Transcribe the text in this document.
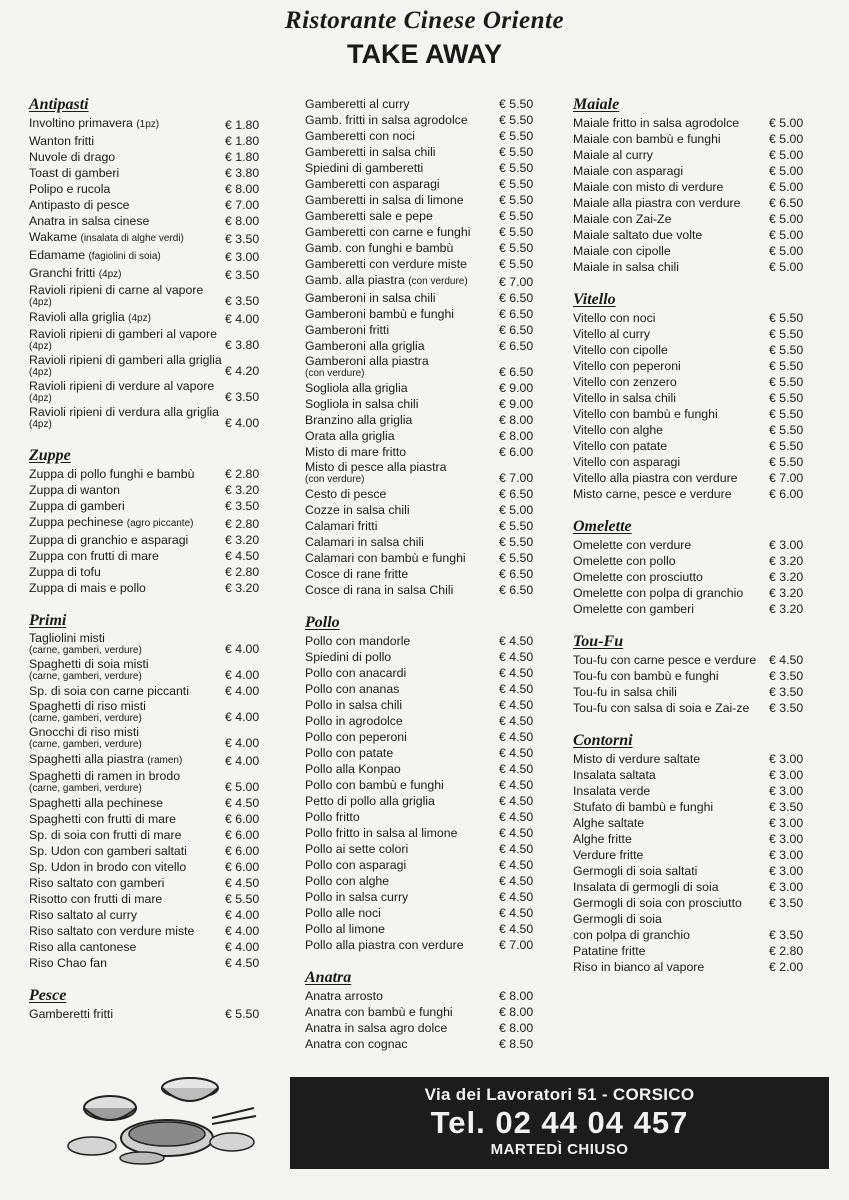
Ristorante Cinese Oriente
TAKE AWAY
Antipasti
Involtino primavera (1pz)	€ 1.80
Wanton fritti	€ 1.80
Nuvole di drago	€ 1.80
Toast di gamberi	€ 3.80
Polipo e rucola	€ 8.00
Antipasto di pesce	€ 7.00
Anatra in salsa cinese	€ 8.00
Wakame (insalata di alghe verdi)	€ 3.50
Edamame (fagiolini di soia)	€ 3.00
Granchi fritti (4pz)	€ 3.50
Ravioli ripieni di carne al vapore
(4pz)	€ 3.50
Ravioli alla griglia (4pz)	€ 4.00
Ravioli ripieni di gamberi al vapore
(4pz)	€ 3.80
Ravioli ripieni di gamberi alla griglia
(4pz)	€ 4.20
Ravioli ripieni di verdure al vapore
(4pz)	€ 3.50
Ravioli ripieni di verdura alla griglia
(4pz)	€ 4.00
Zuppe
Zuppa di pollo funghi e bambù	€ 2.80
Zuppa di wanton	€ 3.20
Zuppa di gamberi	€ 3.50
Zuppa pechinese (agro piccante)	€ 2.80
Zuppa di granchio e asparagi	€ 3.20
Zuppa con frutti di mare	€ 4.50
Zuppa di tofu	€ 2.80
Zuppa di mais e pollo	€ 3.20
Primi
Tagliolini misti
(carne, gamberi, verdure)	€ 4.00
Spaghetti di soia misti
(carne, gamberi, verdure)	€ 4.00
Sp. di soia con carne piccanti	€ 4.00
Spaghetti di riso misti
(carne, gamberi, verdure)	€ 4.00
Gnocchi di riso misti
(carne, gamberi, verdure)	€ 4.00
Spaghetti alla piastra (ramen)	€ 4.00
Spaghetti di ramen in brodo
(carne, gamberi, verdure)	€ 5.00
Spaghetti alla pechinese	€ 4.50
Spaghetti con frutti di mare	€ 6.00
Sp. di soia con frutti di mare	€ 6.00
Sp. Udon con gamberi saltati	€ 6.00
Sp. Udon in brodo con vitello	€ 6.00
Riso saltato con gamberi	€ 4.50
Risotto con frutti di mare	€ 5.50
Riso saltato al curry	€ 4.00
Riso saltato con verdure miste	€ 4.00
Riso alla cantonese	€ 4.00
Riso Chao fan	€ 4.50
Pesce
Gamberetti fritti	€ 5.50
Gamberetti al curry	€ 5.50
Gamb. fritti in salsa agrodolce	€ 5.50
Gamberetti con noci	€ 5.50
Gamberetti in salsa chili	€ 5.50
Spiedini di gamberetti	€ 5.50
Gamberetti con asparagi	€ 5.50
Gamberetti in salsa di limone	€ 5.50
Gamberetti sale e pepe	€ 5.50
Gamberetti con carne e funghi	€ 5.50
Gamb. con funghi e bambù	€ 5.50
Gamberetti con verdure miste	€ 5.50
Gamb. alla piastra (con verdure)	€ 7.00
Gamberoni in salsa chili	€ 6.50
Gamberoni bambù e funghi	€ 6.50
Gamberoni fritti	€ 6.50
Gamberoni alla griglia	€ 6.50
Gamberoni alla piastra
(con verdure)	€ 6.50
Sogliola alla griglia	€ 9.00
Sogliola in salsa chili	€ 9.00
Branzino alla griglia	€ 8.00
Orata alla griglia	€ 8.00
Misto di mare fritto	€ 6.00
Misto di pesce alla piastra
(con verdure)	€ 7.00
Cesto di pesce	€ 6.50
Cozze in salsa chili	€ 5.00
Calamari fritti	€ 5.50
Calamari in salsa chili	€ 5.50
Calamari con bambù e funghi	€ 5.50
Cosce di rane fritte	€ 6.50
Cosce di rana in salsa Chili	€ 6.50
Pollo
Pollo con mandorle	€ 4.50
Spiedini di pollo	€ 4.50
Pollo con anacardi	€ 4.50
Pollo con ananas	€ 4.50
Pollo in salsa chili	€ 4.50
Pollo in agrodolce	€ 4.50
Pollo con peperoni	€ 4.50
Pollo con patate	€ 4.50
Pollo alla Konpao	€ 4.50
Pollo con bambù e funghi	€ 4.50
Petto di pollo alla griglia	€ 4.50
Pollo fritto	€ 4.50
Pollo fritto in salsa al limone	€ 4.50
Pollo ai sette colori	€ 4.50
Pollo con asparagi	€ 4.50
Pollo con alghe	€ 4.50
Pollo in salsa curry	€ 4.50
Pollo alle noci	€ 4.50
Pollo al limone	€ 4.50
Pollo alla piastra con verdure	€ 7.00
Anatra
Anatra arrosto	€ 8.00
Anatra con bambù e funghi	€ 8.00
Anatra in salsa agro dolce	€ 8.00
Anatra con cognac	€ 8.50
Maiale
Maiale fritto in salsa agrodolce	€ 5.00
Maiale con bambù e funghi	€ 5.00
Maiale al curry	€ 5.00
Maiale con asparagi	€ 5.00
Maiale con misto di verdure	€ 5.00
Maiale alla piastra con verdure	€ 6.50
Maiale con Zai-Ze	€ 5.00
Maiale saltato due volte	€ 5.00
Maiale con cipolle	€ 5.00
Maiale in salsa chili	€ 5.00
Vitello
Vitello con noci	€ 5.50
Vitello al curry	€ 5.50
Vitello con cipolle	€ 5.50
Vitello con peperoni	€ 5.50
Vitello con zenzero	€ 5.50
Vitello in salsa chili	€ 5.50
Vitello con bambù e funghi	€ 5.50
Vitello con alghe	€ 5.50
Vitello con patate	€ 5.50
Vitello con asparagi	€ 5.50
Vitello alla piastra con verdure	€ 7.00
Misto carne, pesce e verdure	€ 6.00
Omelette
Omelette con verdure	€ 3.00
Omelette con pollo	€ 3.20
Omelette con prosciutto	€ 3.20
Omelette con polpa di granchio	€ 3.20
Omelette con gamberi	€ 3.20
Tou-Fu
Tou-fu con carne pesce e verdure	€ 4.50
Tou-fu con bambù e funghi	€ 3.50
Tou-fu in salsa chili	€ 3.50
Tou-fu con salsa di soia e Zai-ze	€ 3.50
Contorni
Misto di verdure saltate	€ 3.00
Insalata saltata	€ 3.00
Insalata verde	€ 3.00
Stufato di bambù e funghi	€ 3.50
Alghe saltate	€ 3.00
Alghe fritte	€ 3.00
Verdure fritte	€ 3.00
Germogli di soia saltati	€ 3.00
Insalata di germogli di soia	€ 3.00
Germogli di soia con prosciutto	€ 3.50
Germogli di soia
con polpa di granchio	€ 3.50
Patatine fritte	€ 2.80
Riso in bianco al vapore	€ 2.00
Via dei Lavoratori 51 - CORSICO
Tel. 02 44 04 457
MARTEDÌ CHIUSO
